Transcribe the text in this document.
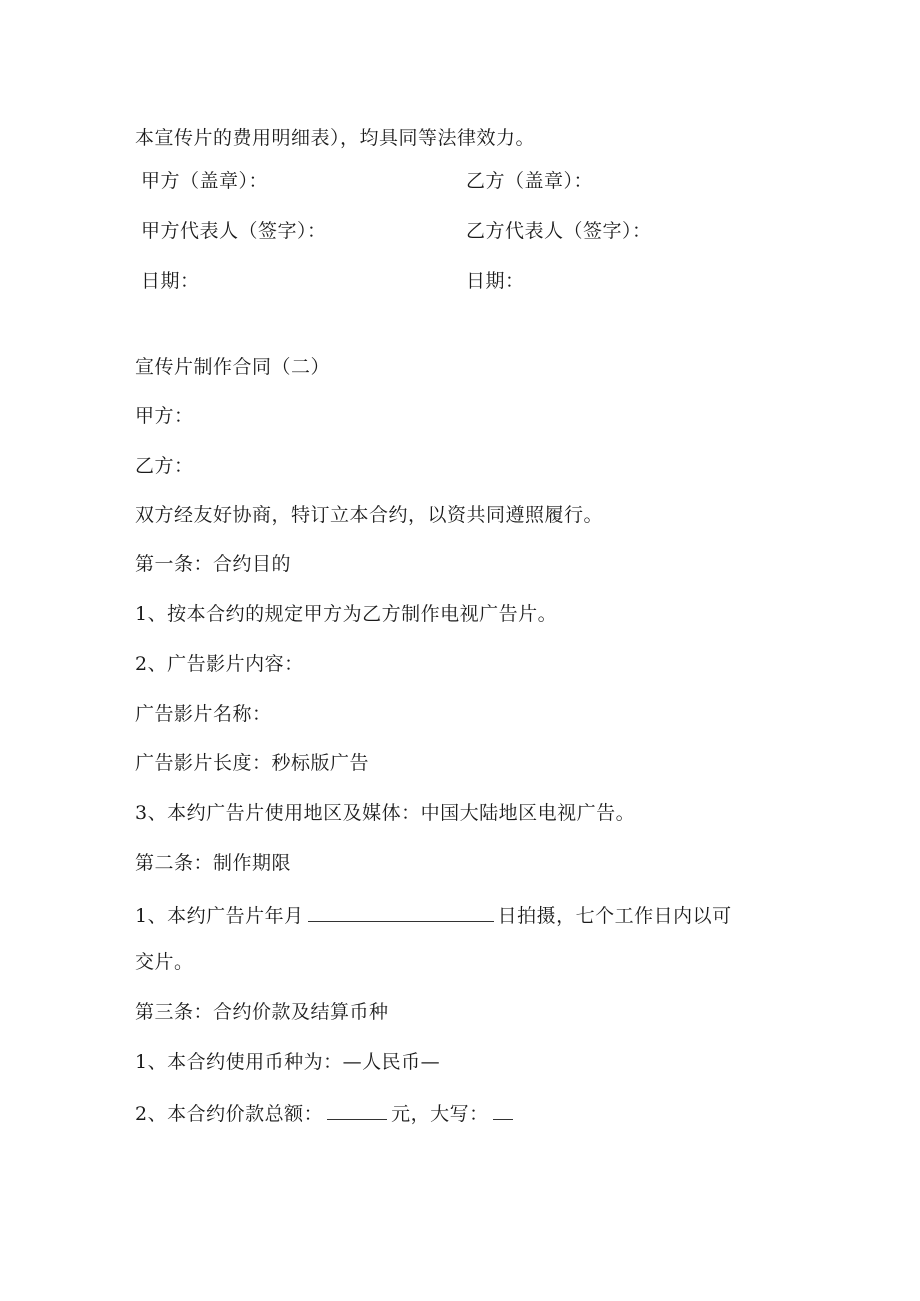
本宣传片的费用明细表），均具同等法律效力。
甲方（盖章）：	乙方（盖章）：
甲方代表人（签字）：	乙方代表人（签字）：
日期：	日期：
宣传片制作合同（二）
甲方：
乙方：
双方经友好协商，特订立本合约，以资共同遵照履行。
第一条：合约目的
1、按本合约的规定甲方为乙方制作电视广告片。
2、广告影片内容：
广告影片名称：
广告影片长度：秒标版广告
3、本约广告片使用地区及媒体：中国大陆地区电视广告。
第二条：制作期限
1、本约广告片年月	日拍摄，七个工作日内以可
交片。
第三条：合约价款及结算币种
1、本合约使用币种为：—人民币—
2、本合约价款总额：	元，大写：
